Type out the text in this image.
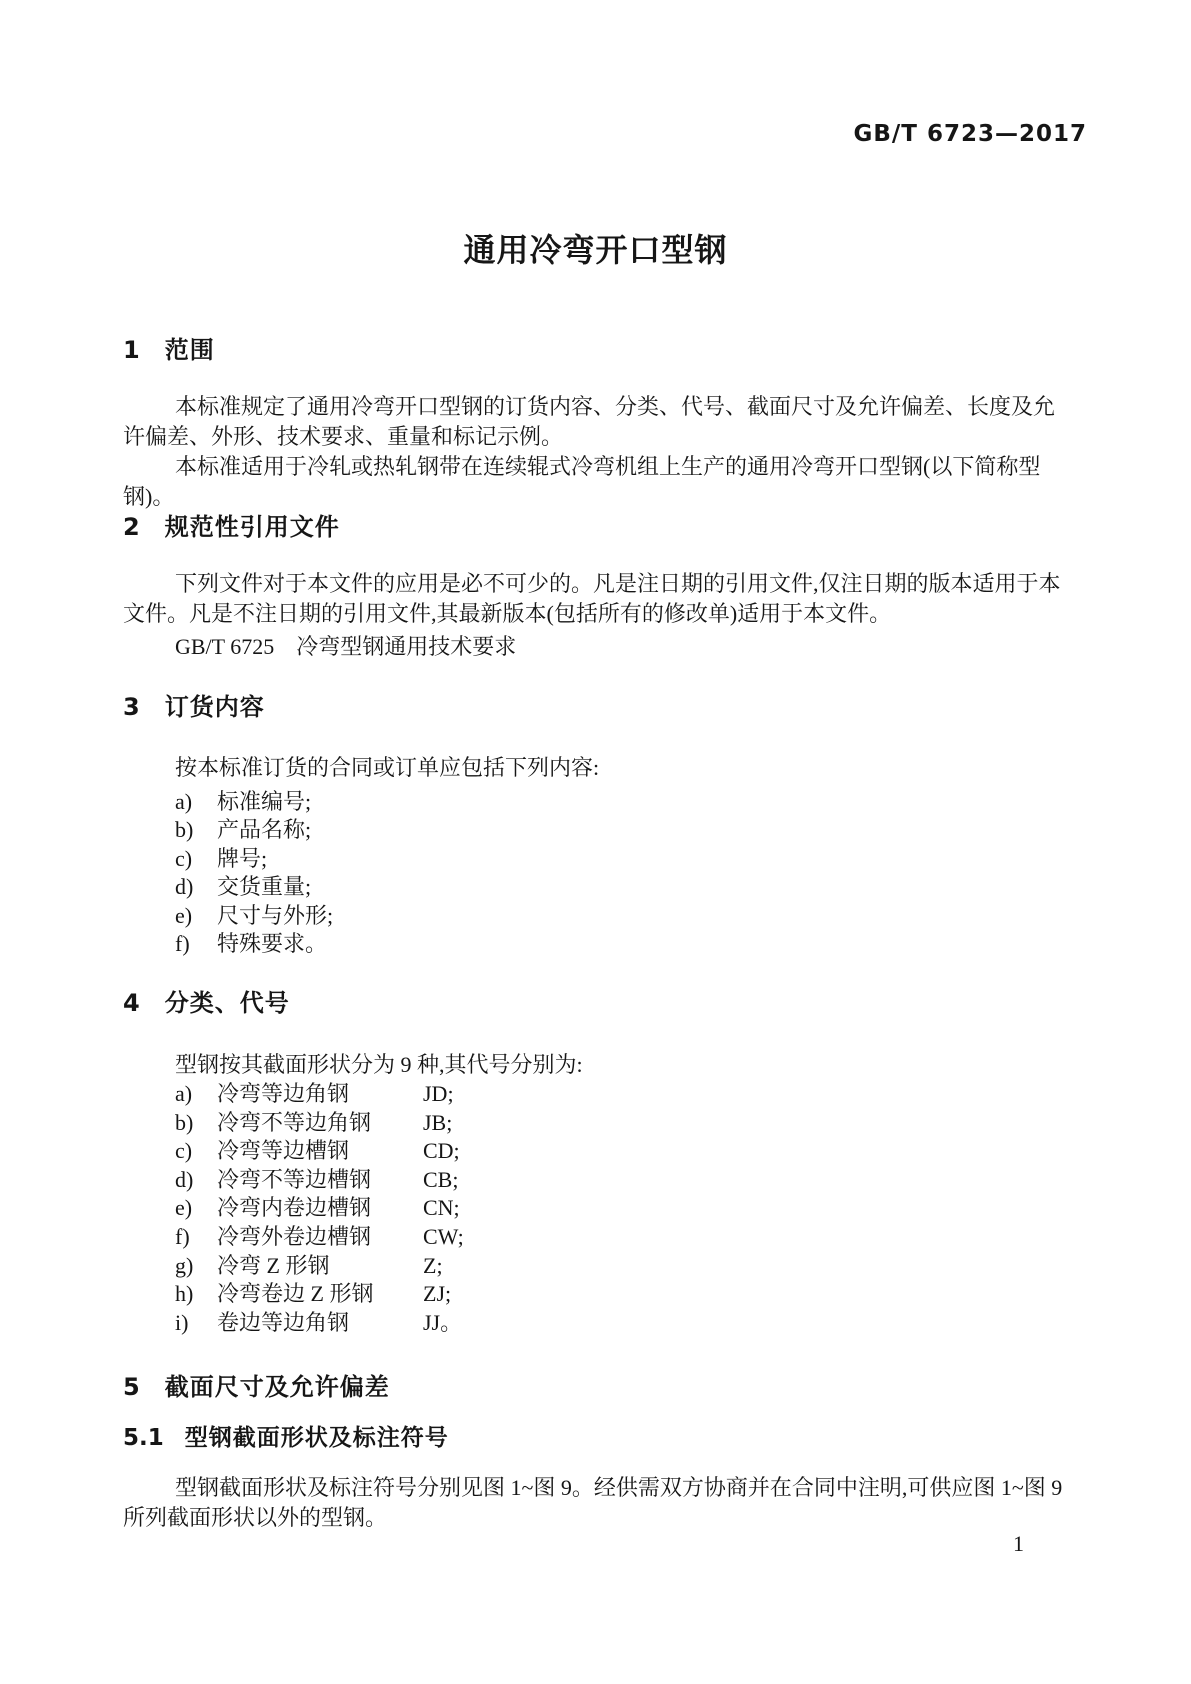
GB/T 6723—2017
通用冷弯开口型钢
1 范围

本标准规定了通用冷弯开口型钢的订货内容、分类、代号、截面尺寸及允许偏差、长度及允许偏差、外形、技术要求、重量和标记示例。

本标准适用于冷轧或热轧钢带在连续辊式冷弯机组上生产的通用冷弯开口型钢(以下简称型钢)。

2 规范性引用文件

下列文件对于本文件的应用是必不可少的。凡是注日期的引用文件,仅注日期的版本适用于本文件。凡是不注日期的引用文件,其最新版本(包括所有的修改单)适用于本文件。

GB/T 6725　冷弯型钢通用技术要求

3 订货内容

按本标准订货的合同或订单应包括下列内容:

a)	标准编号;
b)	产品名称;
c)	牌号;
d)	交货重量;
e)	尺寸与外形;
f)	特殊要求。
4 分类、代号

型钢按其截面形状分为 9 种,其代号分别为:

a)	冷弯等边角钢	JD;
b)	冷弯不等边角钢	JB;
c)	冷弯等边槽钢	CD;
d)	冷弯不等边槽钢	CB;
e)	冷弯内卷边槽钢	CN;
f)	冷弯外卷边槽钢	CW;
g)	冷弯 Z 形钢	Z;
h)	冷弯卷边 Z 形钢	ZJ;
i)	卷边等边角钢	JJ。
5 截面尺寸及允许偏差
5.1 型钢截面形状及标注符号

型钢截面形状及标注符号分别见图 1~图 9。经供需双方协商并在合同中注明,可供应图 1~图 9 所列截面形状以外的型钢。

1
